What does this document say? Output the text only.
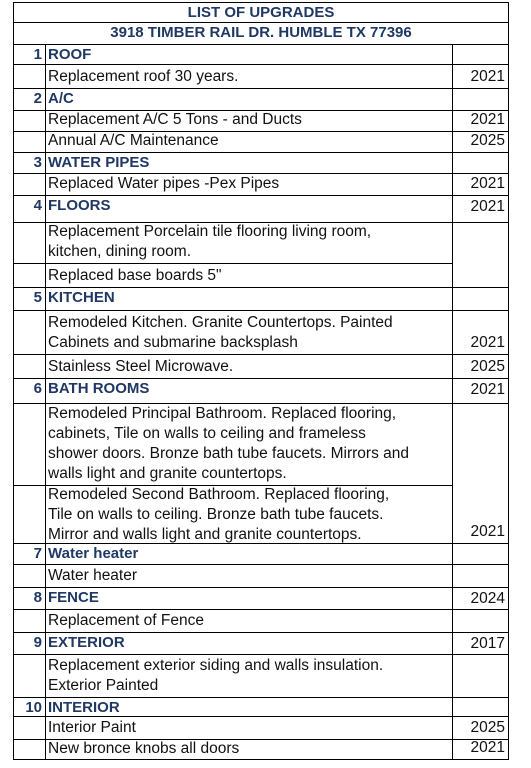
LIST OF UPGRADES
3918 TIMBER RAIL DR. HUMBLE TX 77396
1 ROOF
Replacement roof 30 years.	2021
2 A/C
Replacement A/C 5 Tons - and Ducts	2021
Annual A/C Maintenance	2025
3 WATER PIPES
Replaced Water pipes -Pex Pipes	2021
4 FLOORS	2021
Replacement Porcelain tile flooring living room,
kitchen, dining room.
Replaced base boards 5"
5 KITCHEN
Remodeled Kitchen. Granite Countertops. Painted
Cabinets and submarine backsplash	2021
Stainless Steel Microwave.	2025
6 BATH ROOMS	2021
Remodeled Principal Bathroom. Replaced flooring,
cabinets, Tile on walls to ceiling and frameless
shower doors. Bronze bath tube faucets. Mirrors and
walls light and granite countertops.
Remodeled Second Bathroom. Replaced flooring,
Tile on walls to ceiling. Bronze bath tube faucets.
Mirror and walls light and granite countertops.	2021
7 Water heater
Water heater
8 FENCE	2024
Replacement of Fence
9 EXTERIOR	2017
Replacement exterior siding and walls insulation.
Exterior Painted
10 INTERIOR
Interior Paint	2025
New bronce knobs all doors	2021
